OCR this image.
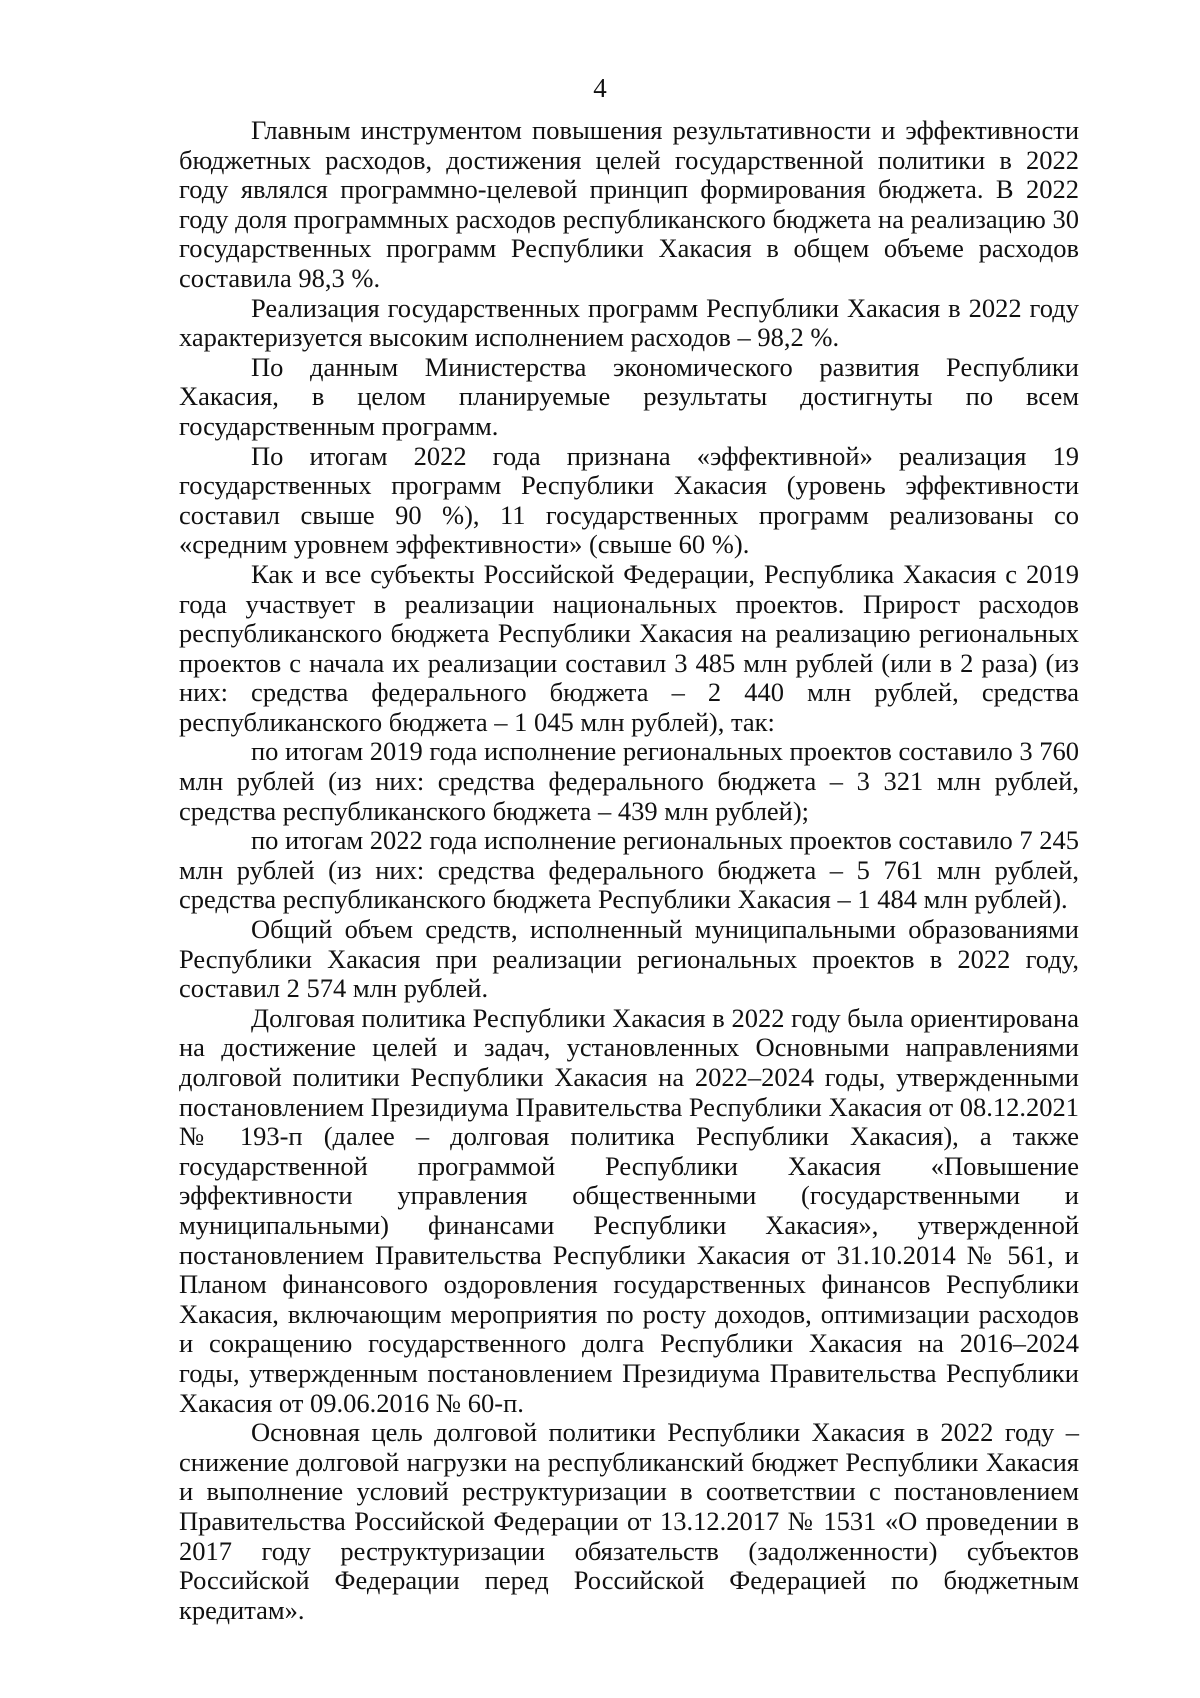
4

Главным инструментом повышения результативности и эффективности бюджетных расходов, достижения целей государственной политики в 2022 году являлся программно-целевой принцип формирования бюджета. В 2022 году доля программных расходов республиканского бюджета на реализацию 30 государственных программ Республики Хакасия в общем объеме расходов составила 98,3 %.

Реализация государственных программ Республики Хакасия в 2022 году характеризуется высоким исполнением расходов – 98,2 %.

По данным Министерства экономического развития Республики Хакасия, в целом планируемые результаты достигнуты по всем государственным программ.

По итогам 2022 года признана «эффективной» реализация 19 государственных программ Республики Хакасия (уровень эффективности составил свыше 90 %), 11 государственных программ реализованы со «средним уровнем эффективности» (свыше 60 %).

Как и все субъекты Российской Федерации, Республика Хакасия с 2019 года участвует в реализации национальных проектов. Прирост расходов республиканского бюджета Республики Хакасия на реализацию региональных проектов с начала их реализации составил 3 485 млн рублей (или в 2 раза) (из них: средства федерального бюджета – 2 440 млн рублей, средства республиканского бюджета – 1 045 млн рублей), так:

по итогам 2019 года исполнение региональных проектов составило 3 760 млн рублей (из них: средства федерального бюджета – 3 321 млн рублей, средства республиканского бюджета – 439 млн рублей);

по итогам 2022 года исполнение региональных проектов составило 7 245 млн рублей (из них: средства федерального бюджета – 5 761 млн рублей, средства республиканского бюджета Республики Хакасия – 1 484 млн рублей).

Общий объем средств, исполненный муниципальными образованиями Республики Хакасия при реализации региональных проектов в 2022 году, составил 2 574 млн рублей.

Долговая политика Республики Хакасия в 2022 году была ориентирована на достижение целей и задач, установленных Основными направлениями долговой политики Республики Хакасия на 2022–2024 годы, утвержденными постановлением Президиума Правительства Республики Хакасия от 08.12.2021 № 193-п (далее – долговая политика Республики Хакасия), а также государственной программой Республики Хакасия «Повышение эффективности управления общественными (государственными и муниципальными) финансами Республики Хакасия», утвержденной постановлением Правительства Республики Хакасия от 31.10.2014 № 561, и Планом финансового оздоровления государственных финансов Республики Хакасия, включающим мероприятия по росту доходов, оптимизации расходов и сокращению государственного долга Республики Хакасия на 2016–2024 годы, утвержденным постановлением Президиума Правительства Республики Хакасия от 09.06.2016 № 60-п.

Основная цель долговой политики Республики Хакасия в 2022 году – снижение долговой нагрузки на республиканский бюджет Республики Хакасия и выполнение условий реструктуризации в соответствии с постановлением Правительства Российской Федерации от 13.12.2017 № 1531 «О проведении в 2017 году реструктуризации обязательств (задолженности) субъектов Российской Федерации перед Российской Федерацией по бюджетным кредитам».
